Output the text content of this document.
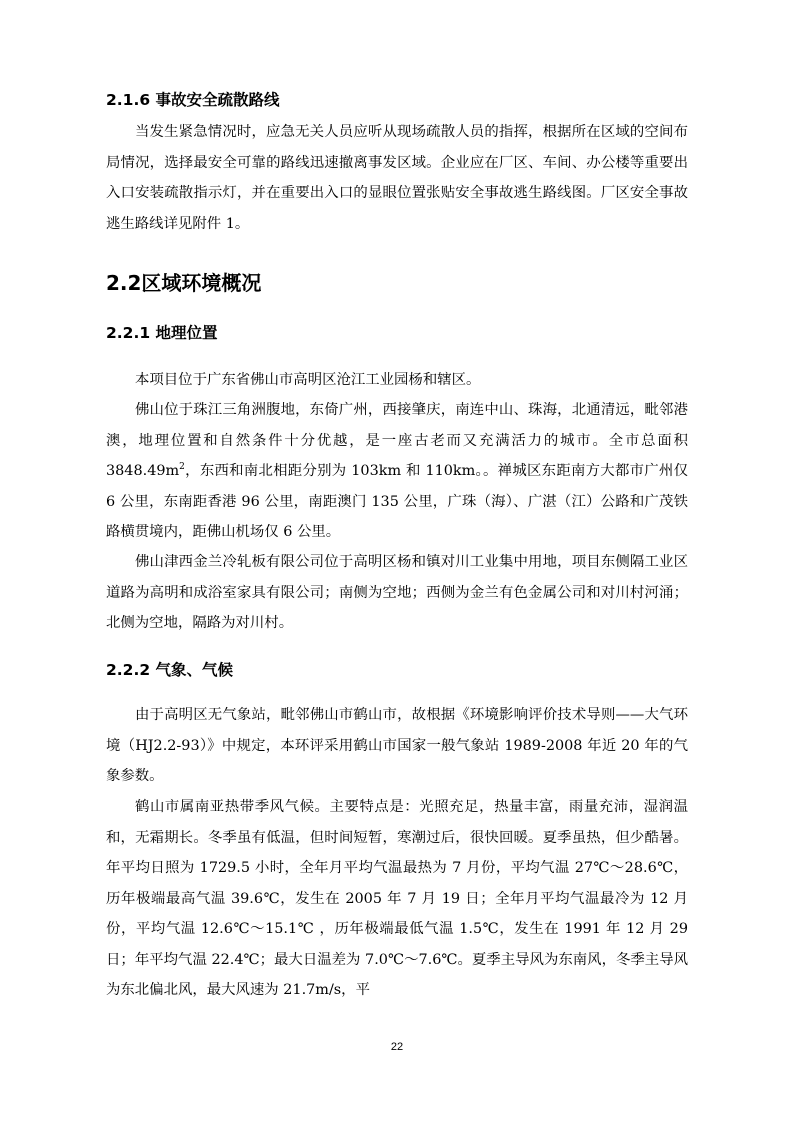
2.1.6 事故安全疏散路线

当发生紧急情况时，应急无关人员应听从现场疏散人员的指挥，根据所在区域的空间布局情况，选择最安全可靠的路线迅速撤离事发区域。企业应在厂区、车间、办公楼等重要出入口安装疏散指示灯，并在重要出入口的显眼位置张贴安全事故逃生路线图。厂区安全事故逃生路线详见附件 1。

2.2区域环境概况
2.2.1 地理位置

本项目位于广东省佛山市高明区沧江工业园杨和辖区。

佛山位于珠江三角洲腹地，东倚广州，西接肇庆，南连中山、珠海，北通清远，毗邻港澳，地理位置和自然条件十分优越，是一座古老而又充满活力的城市。全市总面积 $3848.49m^2$，东西和南北相距分别为 103km 和 110km。。禅城区东距南方大都市广州仅 6 公里，东南距香港 96 公里，南距澳门 135 公里，广珠（海）、广湛（江）公路和广茂铁路横贯境内，距佛山机场仅 6 公里。

佛山津西金兰冷轧板有限公司位于高明区杨和镇对川工业集中用地，项目东侧隔工业区道路为高明和成浴室家具有限公司；南侧为空地；西侧为金兰有色金属公司和对川村河涌；北侧为空地，隔路为对川村。

2.2.2 气象、气候

由于高明区无气象站，毗邻佛山市鹤山市，故根据《环境影响评价技术导则——大气环境（HJ2.2-93）》中规定，本环评采用鹤山市国家一般气象站 1989-2008 年近 20 年的气象参数。

鹤山市属南亚热带季风气候。主要特点是：光照充足，热量丰富，雨量充沛，湿润温和，无霜期长。冬季虽有低温，但时间短暂，寒潮过后，很快回暖。夏季虽热，但少酷暑。年平均日照为 1729.5 小时，全年月平均气温最热为 7 月份，平均气温 27℃～28.6℃，历年极端最高气温 39.6℃，发生在 2005 年 7 月 19 日；全年月平均气温最冷为 12 月份，平均气温 12.6℃～15.1℃ ，历年极端最低气温 1.5℃，发生在 1991 年 12 月 29 日；年平均气温 22.4℃；最大日温差为 7.0℃～7.6℃。夏季主导风为东南风，冬季主导风为东北偏北风，最大风速为 21.7m/s，平

22
